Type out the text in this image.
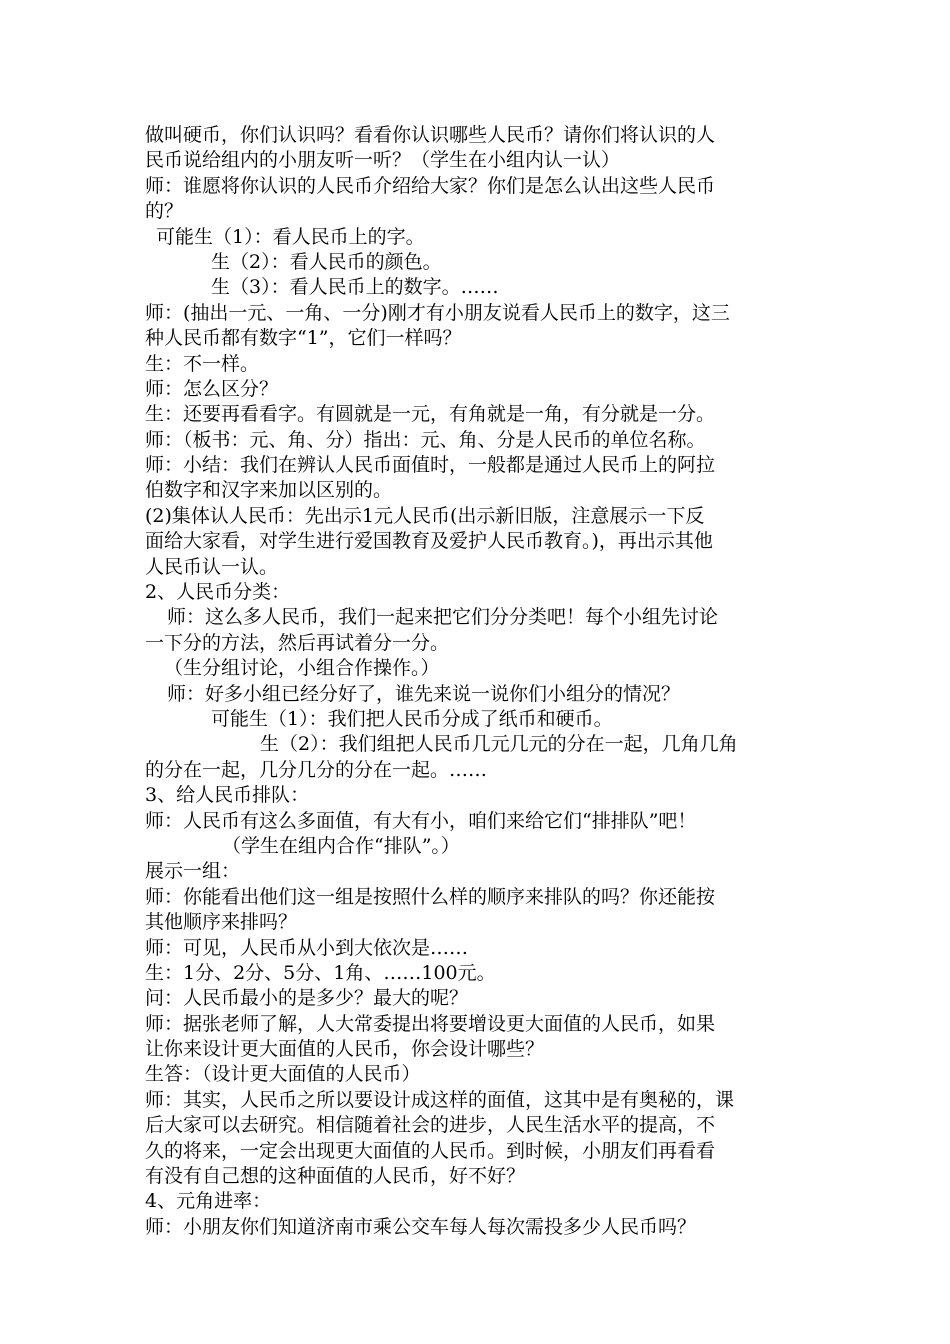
做叫硬币，你们认识吗？看看你认识哪些人民币？请你们将认识的人
民币说给组内的小朋友听一听？（学生在小组内认一认）
师：谁愿将你认识的人民币介绍给大家？你们是怎么认出这些人民币
的？
可能生（1）：看人民币上的字。
生（2）：看人民币的颜色。
生（3）：看人民币上的数字。……
师：(抽出一元、一角、一分)刚才有小朋友说看人民币上的数字，这三
种人民币都有数字“1”，它们一样吗？
生：不一样。
师：怎么区分？
生：还要再看看字。有圆就是一元，有角就是一角，有分就是一分。
师：（板书：元、角、分）指出：元、角、分是人民币的单位名称。
师：小结：我们在辨认人民币面值时，一般都是通过人民币上的阿拉
伯数字和汉字来加以区别的。
(2)集体认人民币：先出示1元人民币(出示新旧版，注意展示一下反
面给大家看，对学生进行爱国教育及爱护人民币教育。)，再出示其他
人民币认一认。
2、人民币分类：
师：这么多人民币，我们一起来把它们分分类吧！每个小组先讨论
一下分的方法，然后再试着分一分。
（生分组讨论，小组合作操作。）
师：好多小组已经分好了，谁先来说一说你们小组分的情况？
可能生（1）：我们把人民币分成了纸币和硬币。
生（2）：我们组把人民币几元几元的分在一起，几角几角
的分在一起，几分几分的分在一起。……
3、给人民币排队：
师：人民币有这么多面值，有大有小，咱们来给它们“排排队”吧！
（学生在组内合作“排队”。）
展示一组：
师：你能看出他们这一组是按照什么样的顺序来排队的吗？你还能按
其他顺序来排吗？
师：可见，人民币从小到大依次是……
生：1分、2分、5分、1角、……100元。
问：人民币最小的是多少？最大的呢？
师：据张老师了解，人大常委提出将要增设更大面值的人民币，如果
让你来设计更大面值的人民币，你会设计哪些？
生答：（设计更大面值的人民币）
师：其实，人民币之所以要设计成这样的面值，这其中是有奥秘的，课
后大家可以去研究。相信随着社会的进步，人民生活水平的提高，不
久的将来，一定会出现更大面值的人民币。到时候，小朋友们再看看
有没有自己想的这种面值的人民币，好不好？
4、元角进率：
师：小朋友你们知道济南市乘公交车每人每次需投多少人民币吗？
